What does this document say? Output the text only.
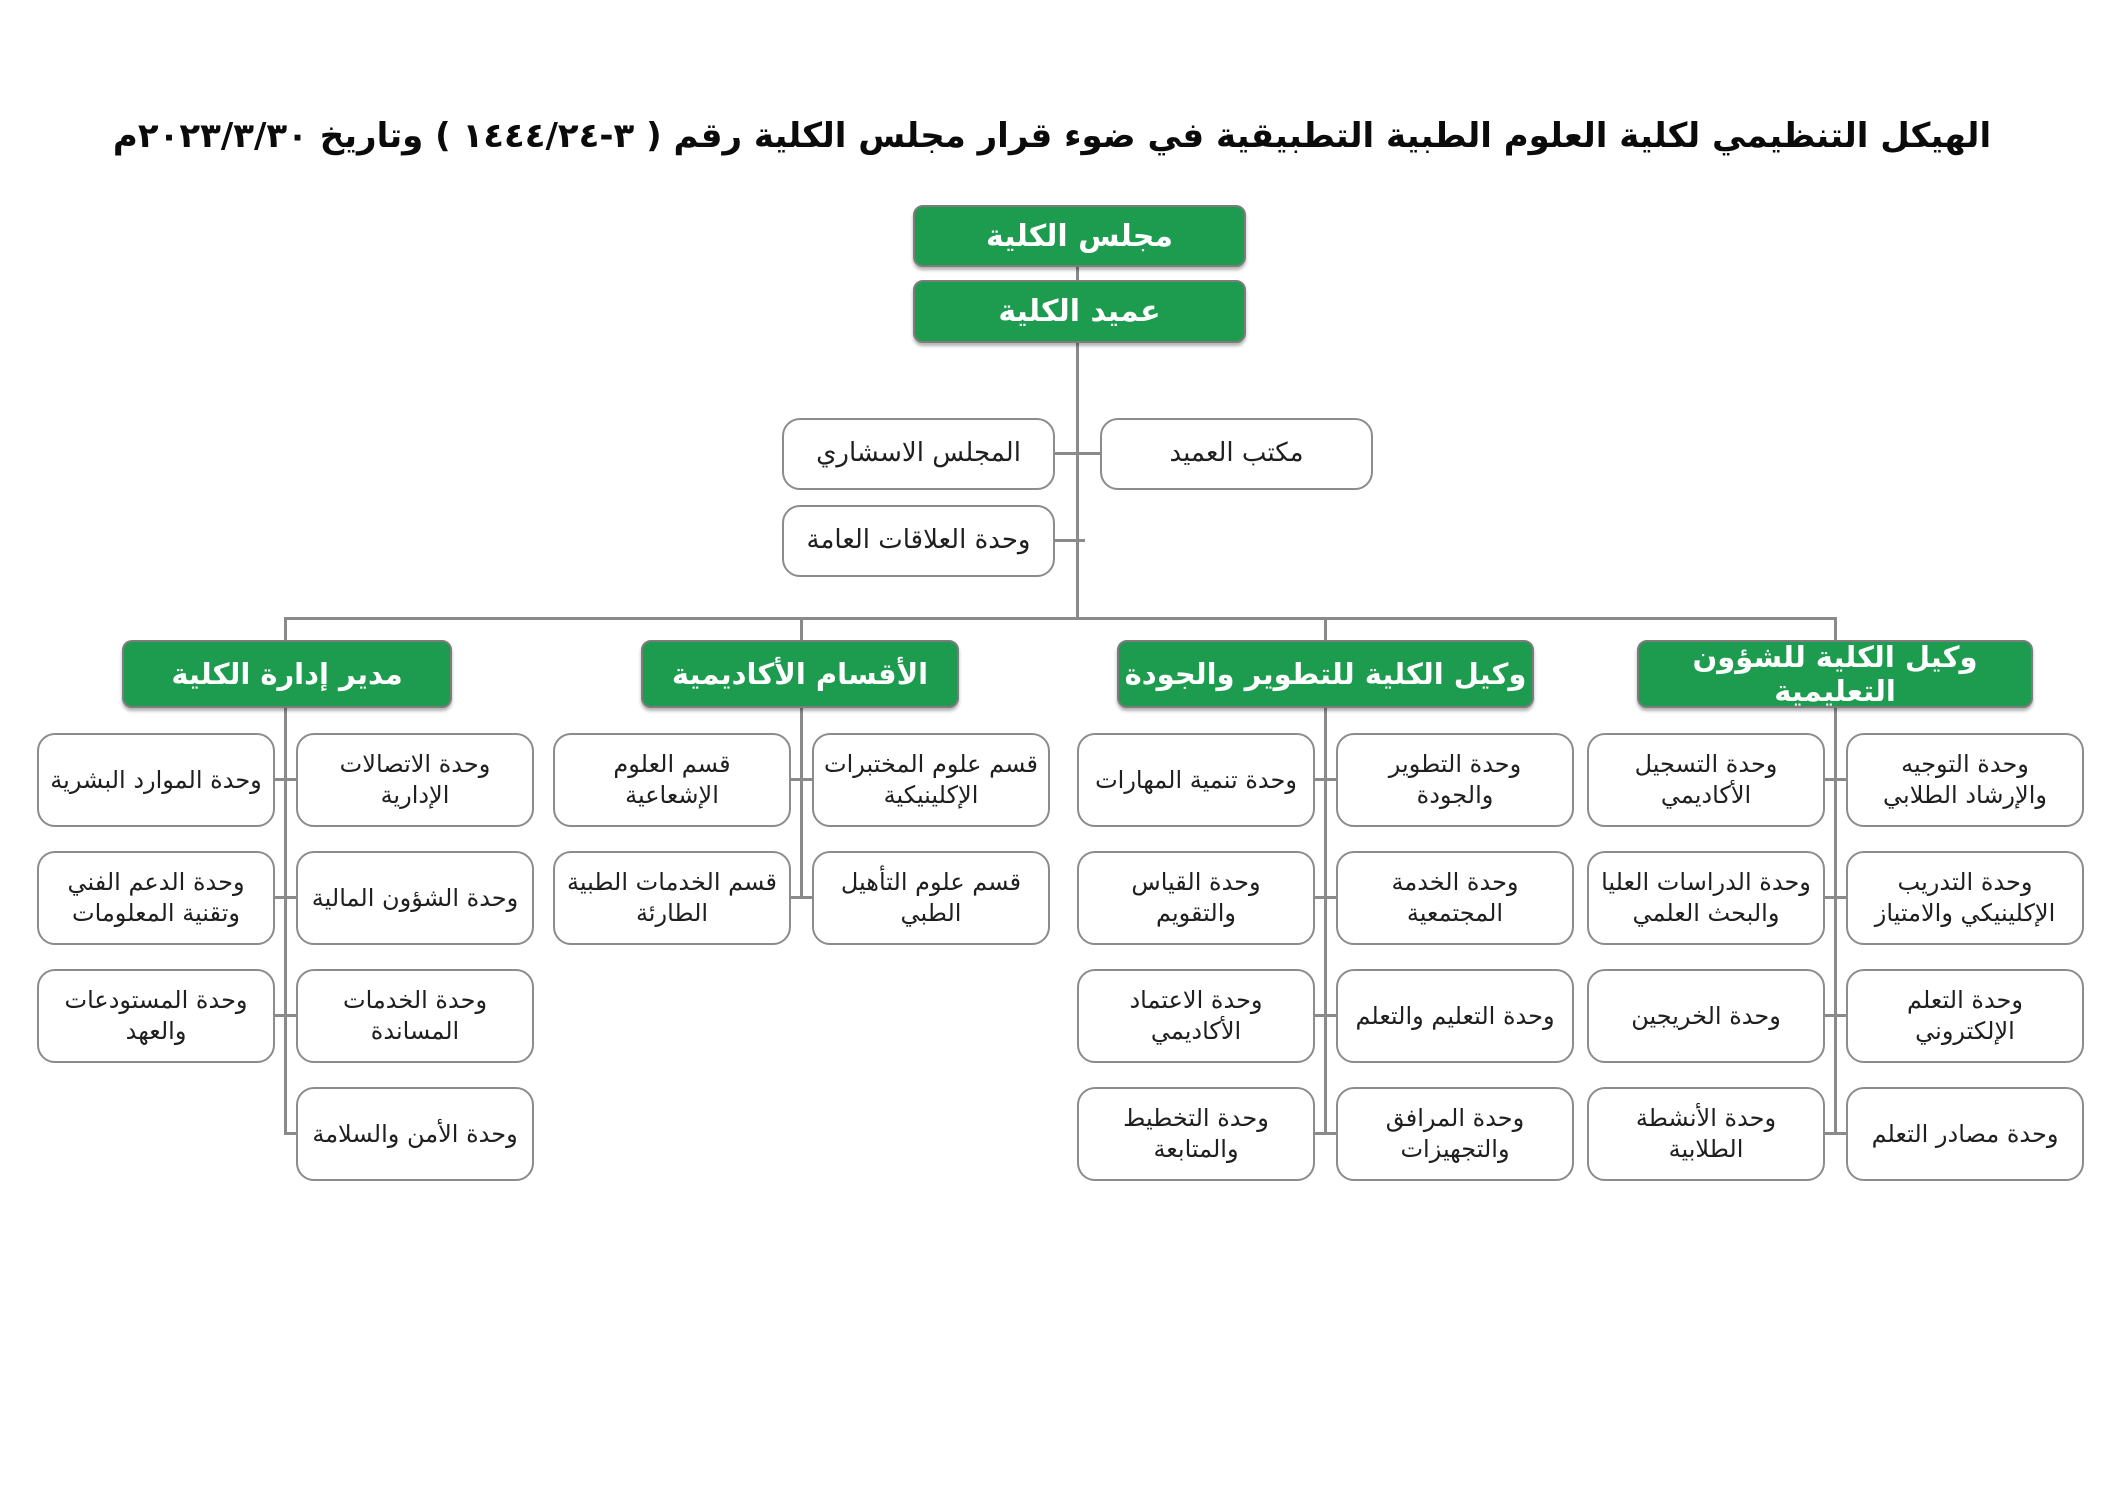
الهيكل التنظيمي لكلية العلوم الطبية التطبيقية في ضوء قرار مجلس الكلية رقم ( ٣-١٤٤٤/٢٤ ) وتاريخ ٢٠٢٣/٣/٣٠م
مجلس الكلية
عميد الكلية
المجلس الاسشاري	مكتب العميد
وحدة العلاقات العامة
مدير إدارة الكلية	الأقسام الأكاديمية	وكيل الكلية للتطوير والجودة	وكيل الكلية للشؤون التعليمية
وحدة الموارد البشرية
وحدة الدعم الفني وتقنية المعلومات
وحدة المستودعات والعهد
وحدة الاتصالات الإدارية
وحدة الشؤون المالية
وحدة الخدمات المساندة
وحدة الأمن والسلامة
قسم العلوم الإشعاعية
قسم الخدمات الطبية الطارئة
قسم علوم المختبرات الإكلينيكية
قسم علوم التأهيل الطبي
وحدة تنمية المهارات
وحدة القياس والتقويم
وحدة الاعتماد الأكاديمي
وحدة التخطيط والمتابعة
وحدة التطوير والجودة
وحدة الخدمة المجتمعية
وحدة التعليم والتعلم
وحدة المرافق والتجهيزات
وحدة التسجيل الأكاديمي
وحدة الدراسات العليا والبحث العلمي
وحدة الخريجين
وحدة الأنشطة الطلابية
وحدة التوجيه والإرشاد الطلابي
وحدة التدريب الإكلينيكي والامتياز
وحدة التعلم الإلكتروني
وحدة مصادر التعلم
